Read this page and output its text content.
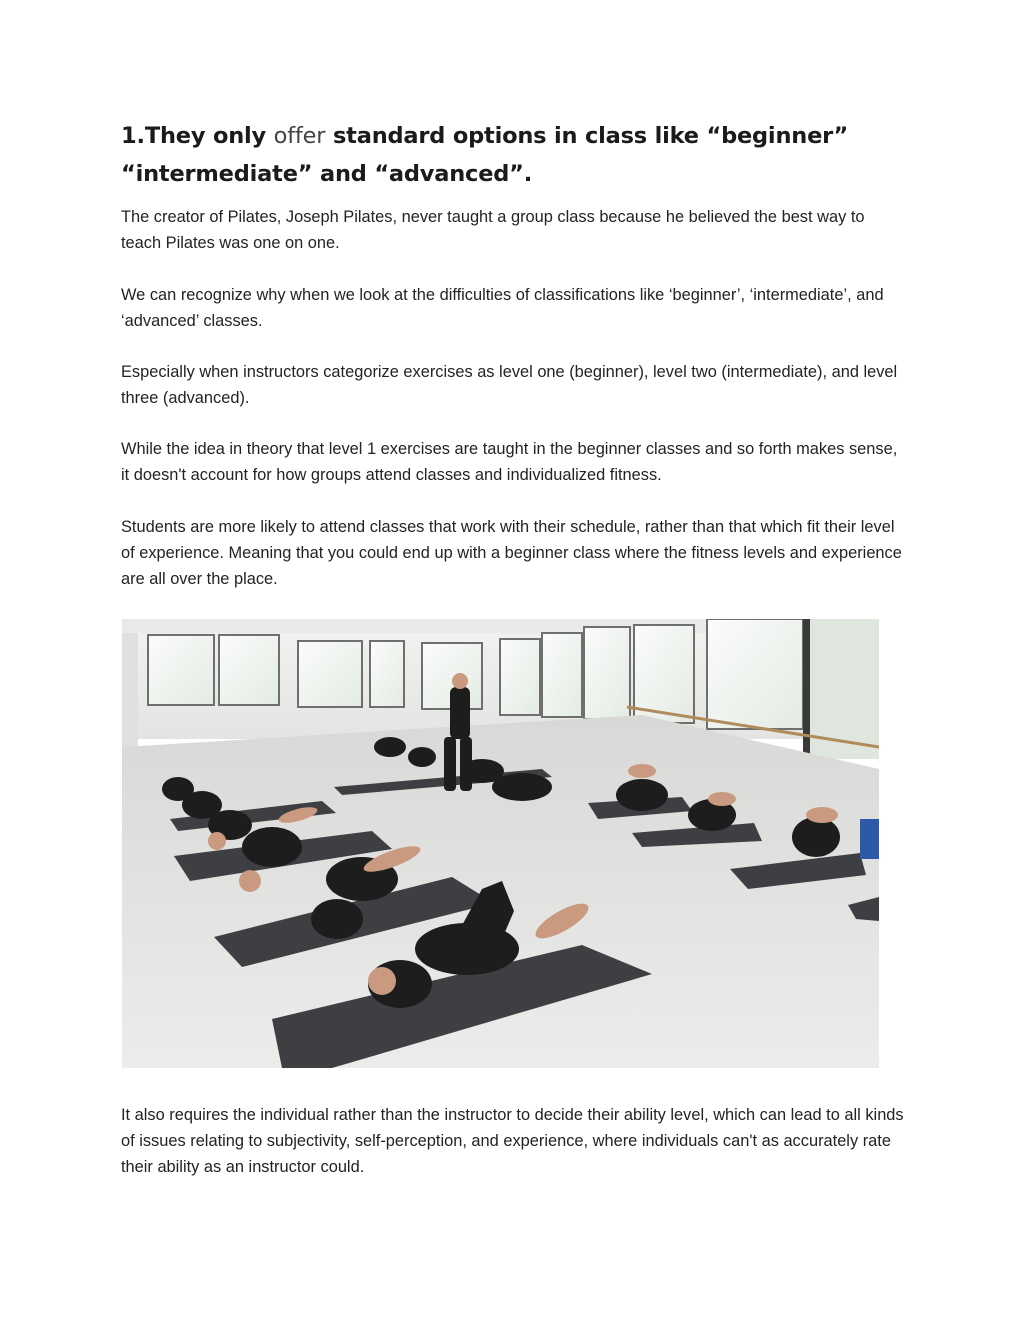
1.They only offer standard options in class like “beginner” “intermediate” and “advanced”.

The creator of Pilates, Joseph Pilates, never taught a group class because he believed the best way to teach Pilates was one on one.

We can recognize why when we look at the difficulties of classifications like ‘beginner’, ‘intermediate’, and ‘advanced’ classes.

Especially when instructors categorize exercises as level one (beginner), level two (intermediate), and level three (advanced).

While the idea in theory that level 1 exercises are taught in the beginner classes and so forth makes sense, it doesn't account for how groups attend classes and individualized fitness.

Students are more likely to attend classes that work with their schedule, rather than that which fit their level of experience. Meaning that you could end up with a beginner class where the fitness levels and experience are all over the place.

It also requires the individual rather than the instructor to decide their ability level, which can lead to all kinds of issues relating to subjectivity, self-perception, and experience, where individuals can't as accurately rate their ability as an instructor could.
